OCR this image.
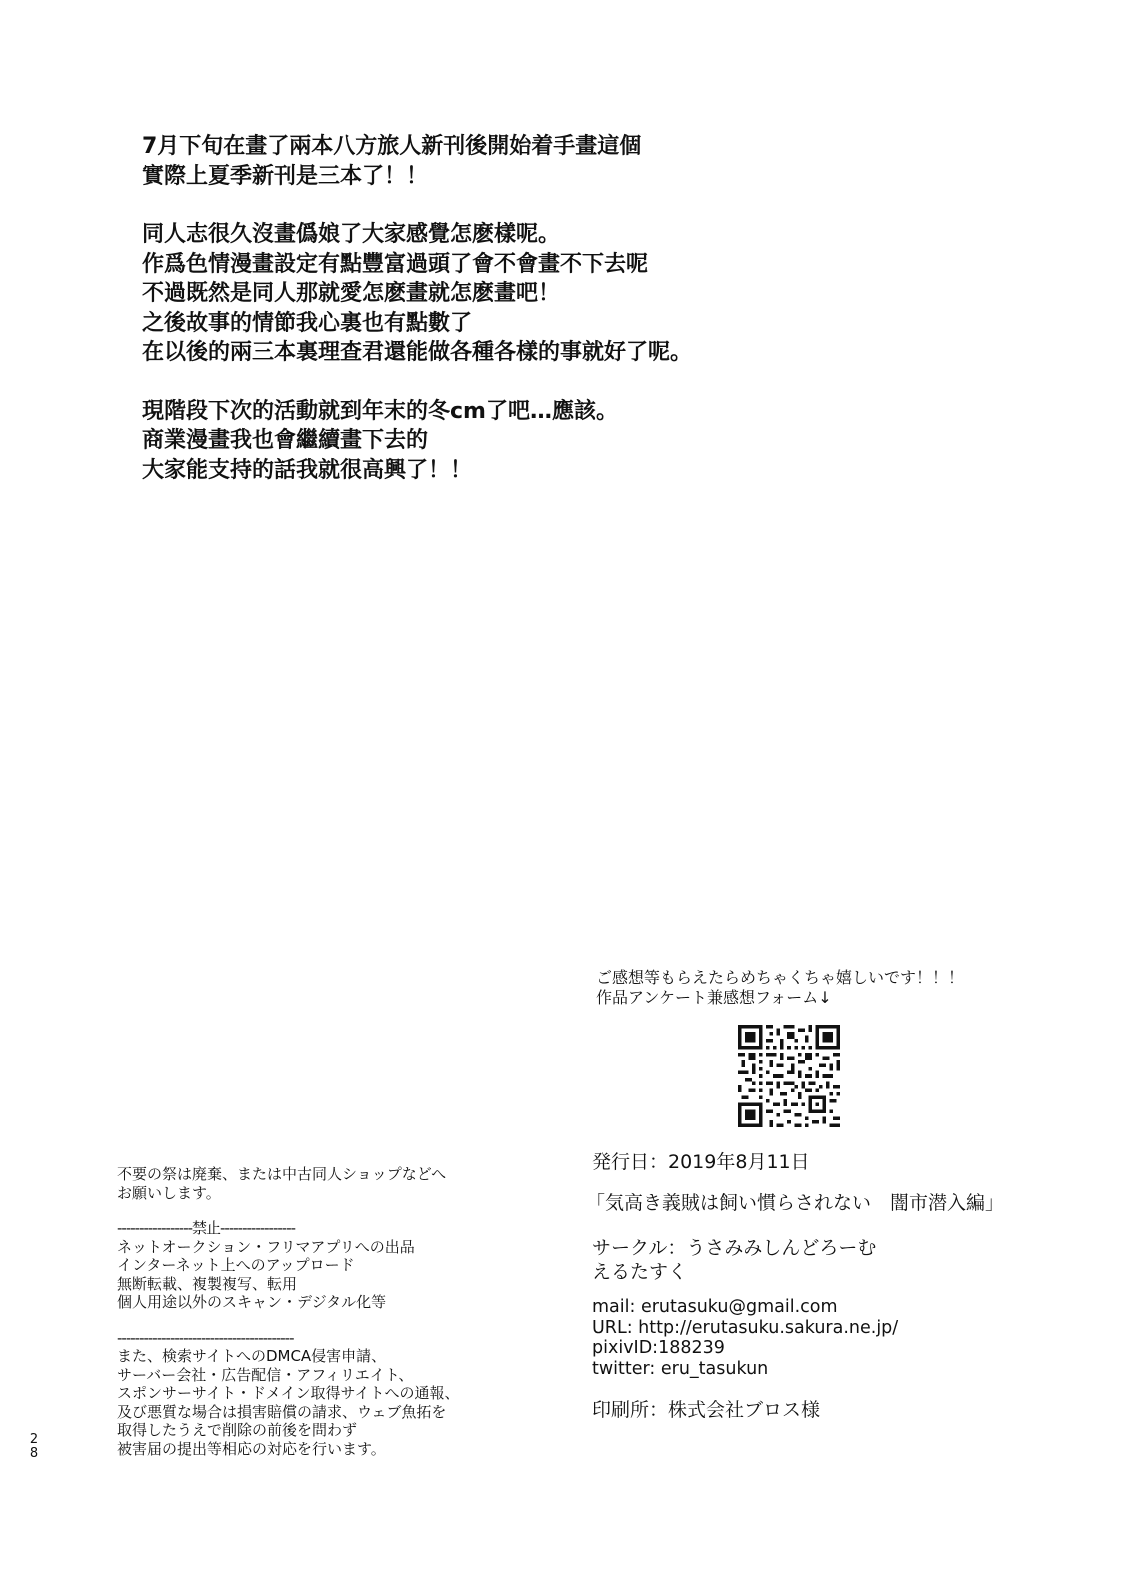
7月下旬在畫了兩本八方旅人新刊後開始着手畫這個
實際上夏季新刊是三本了！！
同人志很久沒畫僞娘了大家感覺怎麽樣呢。
作爲色情漫畫設定有點豐富過頭了會不會畫不下去呢
不過既然是同人那就愛怎麽畫就怎麽畫吧！
之後故事的情節我心裏也有點數了
在以後的兩三本裏理查君還能做各種各樣的事就好了呢。
現階段下次的活動就到年末的冬cm了吧…應該。
商業漫畫我也會繼續畫下去的
大家能支持的話我就很高興了！！
ご感想等もらえたらめちゃくちゃ嬉しいです！！！
作品アンケート兼感想フォーム↓
発行日：2019年8月11日
「気高き義賊は飼い慣らされない　闇市潜入編」
サークル：うさみみしんどろーむ
えるたすく
mail: erutasuku@gmail.com
URL: http://erutasuku.sakura.ne.jp/
pixivID:188239
twitter: eru_tasukun
印刷所：株式会社ブロス様
不要の祭は廃棄、または中古同人ショップなどへ
お願いします。
-----------------禁止-----------------
ネットオークション・フリマアプリへの出品
インターネット上へのアップロード
無断転載、複製複写、転用
個人用途以外のスキャン・デジタル化等
----------------------------------------
また、検索サイトへのDMCA侵害申請、
サーバー会社・広告配信・アフィリエイト、
スポンサーサイト・ドメイン取得サイトへの通報、
及び悪質な場合は損害賠償の請求、ウェブ魚拓を
取得したうえで削除の前後を問わず
被害届の提出等相応の対応を行います。
2
8
